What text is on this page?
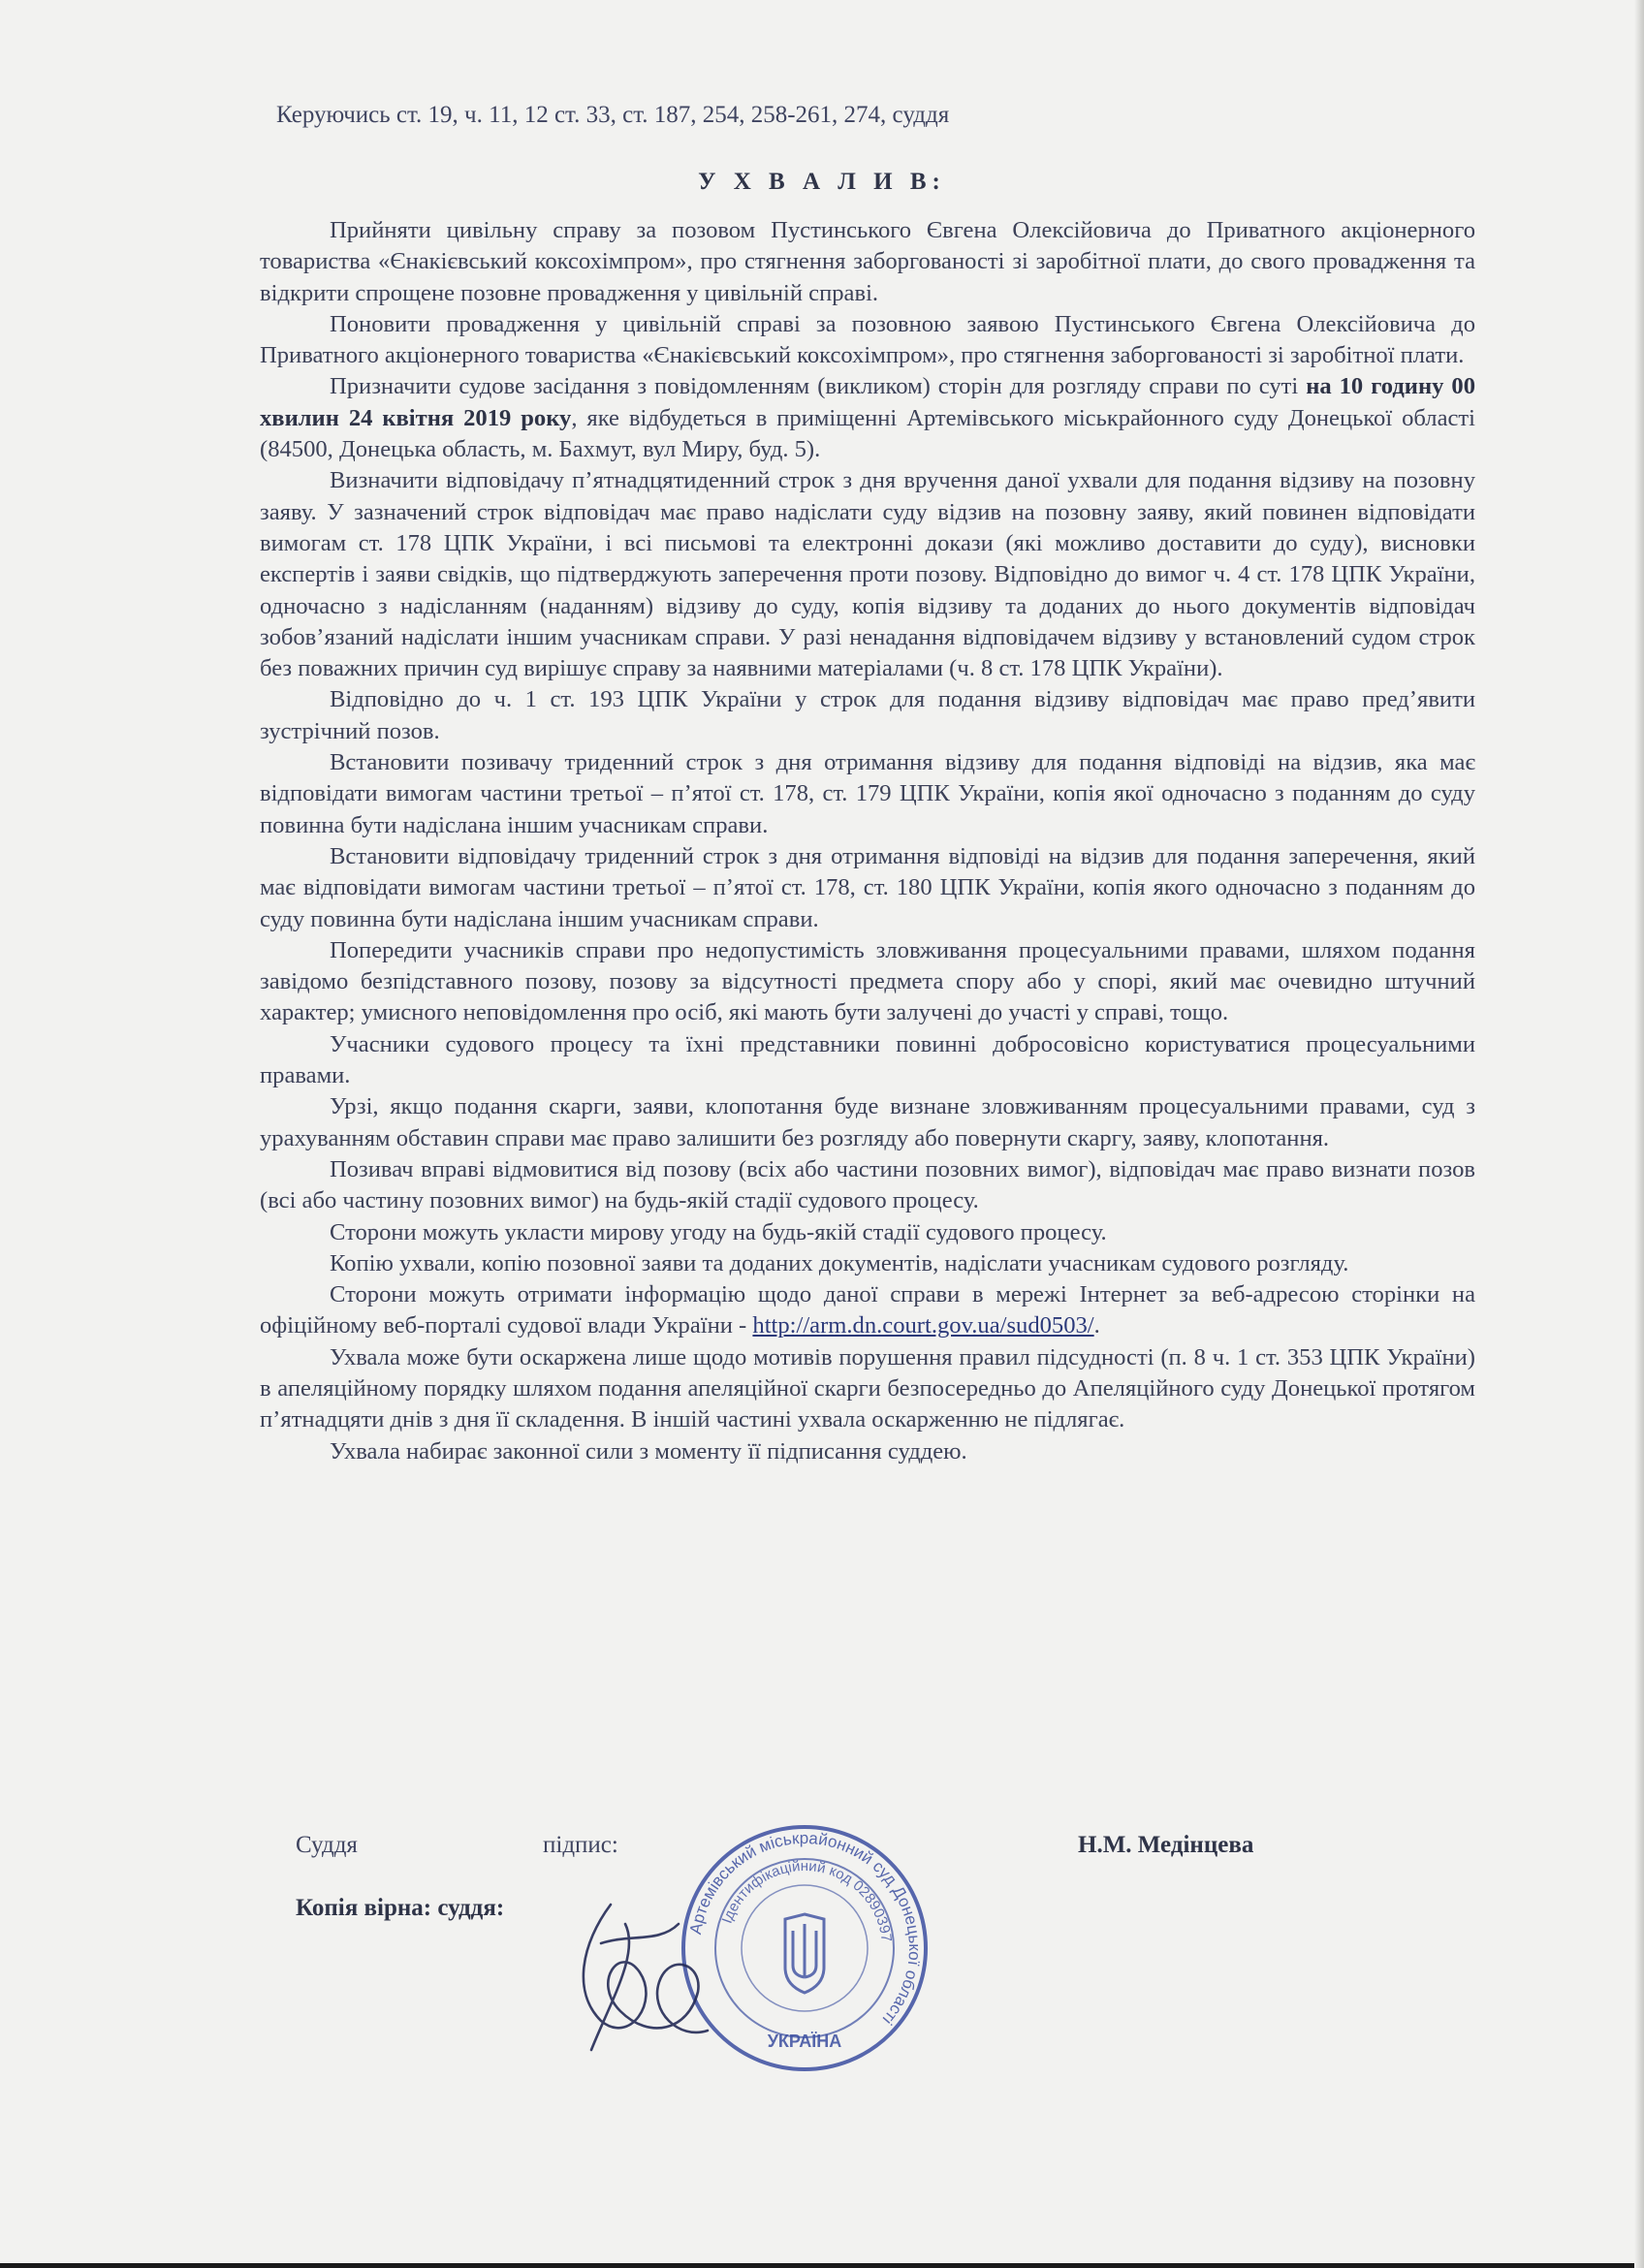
Керуючись ст. 19, ч. 11, 12 ст. 33, ст. 187, 254, 258-261, 274, суддя
У Х В А Л И В:

Прийняти цивільну справу за позовом Пустинського Євгена Олексійовича до Приватного акціонерного товариства «Єнакієвський коксохімпром», про стягнення заборгованості зі заробітної плати, до свого провадження та відкрити спрощене позовне провадження у цивільній справі.

Поновити провадження у цивільній справі за позовною заявою Пустинського Євгена Олексійовича до Приватного акціонерного товариства «Єнакієвський коксохімпром», про стягнення заборгованості зі заробітної плати.

Призначити судове засідання з повідомленням (викликом) сторін для розгляду справи по суті на 10 годину 00 хвилин 24 квітня 2019 року, яке відбудеться в приміщенні Артемівського міськрайонного суду Донецької області (84500, Донецька область, м. Бахмут, вул Миру, буд. 5).

Визначити відповідачу п’ятнадцятиденний строк з дня вручення даної ухвали для подання відзиву на позовну заяву. У зазначений строк відповідач має право надіслати суду відзив на позовну заяву, який повинен відповідати вимогам ст. 178 ЦПК України, і всі письмові та електронні докази (які можливо доставити до суду), висновки експертів і заяви свідків, що підтверджують заперечення проти позову. Відповідно до вимог ч. 4 ст. 178 ЦПК України, одночасно з надісланням (наданням) відзиву до суду, копія відзиву та доданих до нього документів відповідач зобов’язаний надіслати іншим учасникам справи. У разі ненадання відповідачем відзиву у встановлений судом строк без поважних причин суд вирішує справу за наявними матеріалами (ч. 8 ст. 178 ЦПК України).

Відповідно до ч. 1 ст. 193 ЦПК України у строк для подання відзиву відповідач має право пред’явити зустрічний позов.

Встановити позивачу триденний строк з дня отримання відзиву для подання відповіді на відзив, яка має відповідати вимогам частини третьої – п’ятої ст. 178, ст. 179 ЦПК України, копія якої одночасно з поданням до суду повинна бути надіслана іншим учасникам справи.

Встановити відповідачу триденний строк з дня отримання відповіді на відзив для подання заперечення, який має відповідати вимогам частини третьої – п’ятої ст. 178, ст. 180 ЦПК України, копія якого одночасно з поданням до суду повинна бути надіслана іншим учасникам справи.

Попередити учасників справи про недопустимість зловживання процесуальними правами, шляхом подання завідомо безпідставного позову, позову за відсутності предмета спору або у спорі, який має очевидно штучний характер; умисного неповідомлення про осіб, які мають бути залучені до участі у справі, тощо.

Учасники судового процесу та їхні представники повинні добросовісно користуватися процесуальними правами.

Урзі, якщо подання скарги, заяви, клопотання буде визнане зловживанням процесуальними правами, суд з урахуванням обставин справи має право залишити без розгляду або повернути скаргу, заяву, клопотання.

Позивач вправі відмовитися від позову (всіх або частини позовних вимог), відповідач має право визнати позов (всі або частину позовних вимог) на будь-якій стадії судового процесу.

Сторони можуть укласти мирову угоду на будь-якій стадії судового процесу.

Копію ухвали, копію позовної заяви та доданих документів, надіслати учасникам судового розгляду.

Сторони можуть отримати інформацію щодо даної справи в мережі Інтернет за веб-адресою сторінки на офіційному веб-порталі судової влади України - http://arm.dn.court.gov.ua/sud0503/.

Ухвала може бути оскаржена лише щодо мотивів порушення правил підсудності (п. 8 ч. 1 ст. 353 ЦПК України) в апеляційному порядку шляхом подання апеляційної скарги безпосередньо до Апеляційного суду Донецької протягом п’ятнадцяти днів з дня її складення. В іншій частині ухвала оскарженню не підлягає.

Ухвала набирає законної сили з моменту її підписання суддею.

Суддя	підпис:	Н.М. Медінцева
Копія вірна: суддя:
Артемівський міськрайонний суд Донецької області
Ідентифікаційний код 02890397
УКРАЇНА
